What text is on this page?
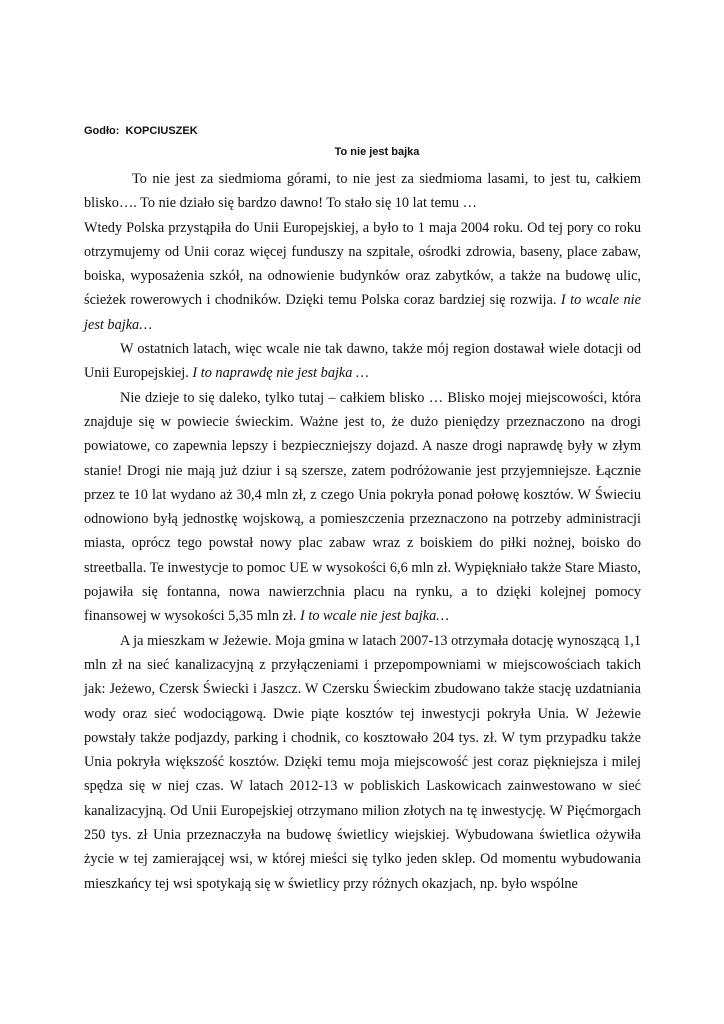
Godło:  KOPCIUSZEK
To nie jest bajka

To nie jest za siedmioma górami, to nie jest za siedmioma lasami, to jest tu, całkiem blisko…. To nie działo się bardzo dawno! To stało się 10 lat temu …

Wtedy Polska przystąpiła do Unii Europejskiej, a było to 1 maja 2004 roku. Od tej pory co roku otrzymujemy od Unii coraz więcej funduszy na szpitale, ośrodki zdrowia, baseny, place zabaw, boiska, wyposażenia szkół, na odnowienie budynków oraz zabytków, a także na budowę ulic, ścieżek rowerowych i chodników. Dzięki temu Polska coraz bardziej się rozwija. I to wcale nie jest bajka…

W ostatnich latach, więc wcale nie tak dawno, także mój region dostawał wiele dotacji od Unii Europejskiej. I to naprawdę nie jest bajka …

Nie dzieje to się daleko, tylko tutaj – całkiem blisko … Blisko mojej miejscowości, która znajduje się w powiecie świeckim. Ważne jest to, że dużo pieniędzy przeznaczono na drogi powiatowe, co zapewnia lepszy i bezpieczniejszy dojazd. A nasze drogi naprawdę były w złym stanie! Drogi nie mają już dziur i są szersze, zatem podróżowanie jest przyjemniejsze. Łącznie przez te 10 lat wydano aż 30,4 mln zł, z czego Unia pokryła ponad połowę kosztów. W Świeciu odnowiono byłą jednostkę wojskową, a pomieszczenia przeznaczono na potrzeby administracji miasta, oprócz tego powstał nowy plac zabaw wraz z boiskiem do piłki nożnej, boisko do streetballa. Te inwestycje to pomoc UE w wysokości 6,6 mln zł. Wypiękniało także Stare Miasto, pojawiła się fontanna, nowa nawierzchnia placu na rynku, a to dzięki kolejnej pomocy finansowej w wysokości 5,35 mln zł. I to wcale nie jest bajka…

A ja mieszkam w Jeżewie. Moja gmina w latach 2007-13 otrzymała dotację wynoszącą 1,1 mln zł na sieć kanalizacyjną z przyłączeniami i przepompowniami w miejscowościach takich jak: Jeżewo, Czersk Świecki i Jaszcz. W Czersku Świeckim zbudowano także stację uzdatniania wody oraz sieć wodociągową. Dwie piąte kosztów tej inwestycji pokryła Unia. W Jeżewie powstały także podjazdy, parking i chodnik, co kosztowało 204 tys. zł. W tym przypadku także Unia pokryła większość kosztów. Dzięki temu moja miejscowość jest coraz piękniejsza i milej spędza się w niej czas. W latach 2012-13 w pobliskich Laskowicach zainwestowano w sieć kanalizacyjną. Od Unii Europejskiej otrzymano milion złotych na tę inwestycję. W Pięćmorgach 250 tys. zł Unia przeznaczyła na budowę świetlicy wiejskiej. Wybudowana świetlica ożywiła życie w tej zamierającej wsi, w której mieści się tylko jeden sklep. Od momentu wybudowania mieszkańcy tej wsi spotykają się w świetlicy przy różnych okazjach, np. było wspólne
